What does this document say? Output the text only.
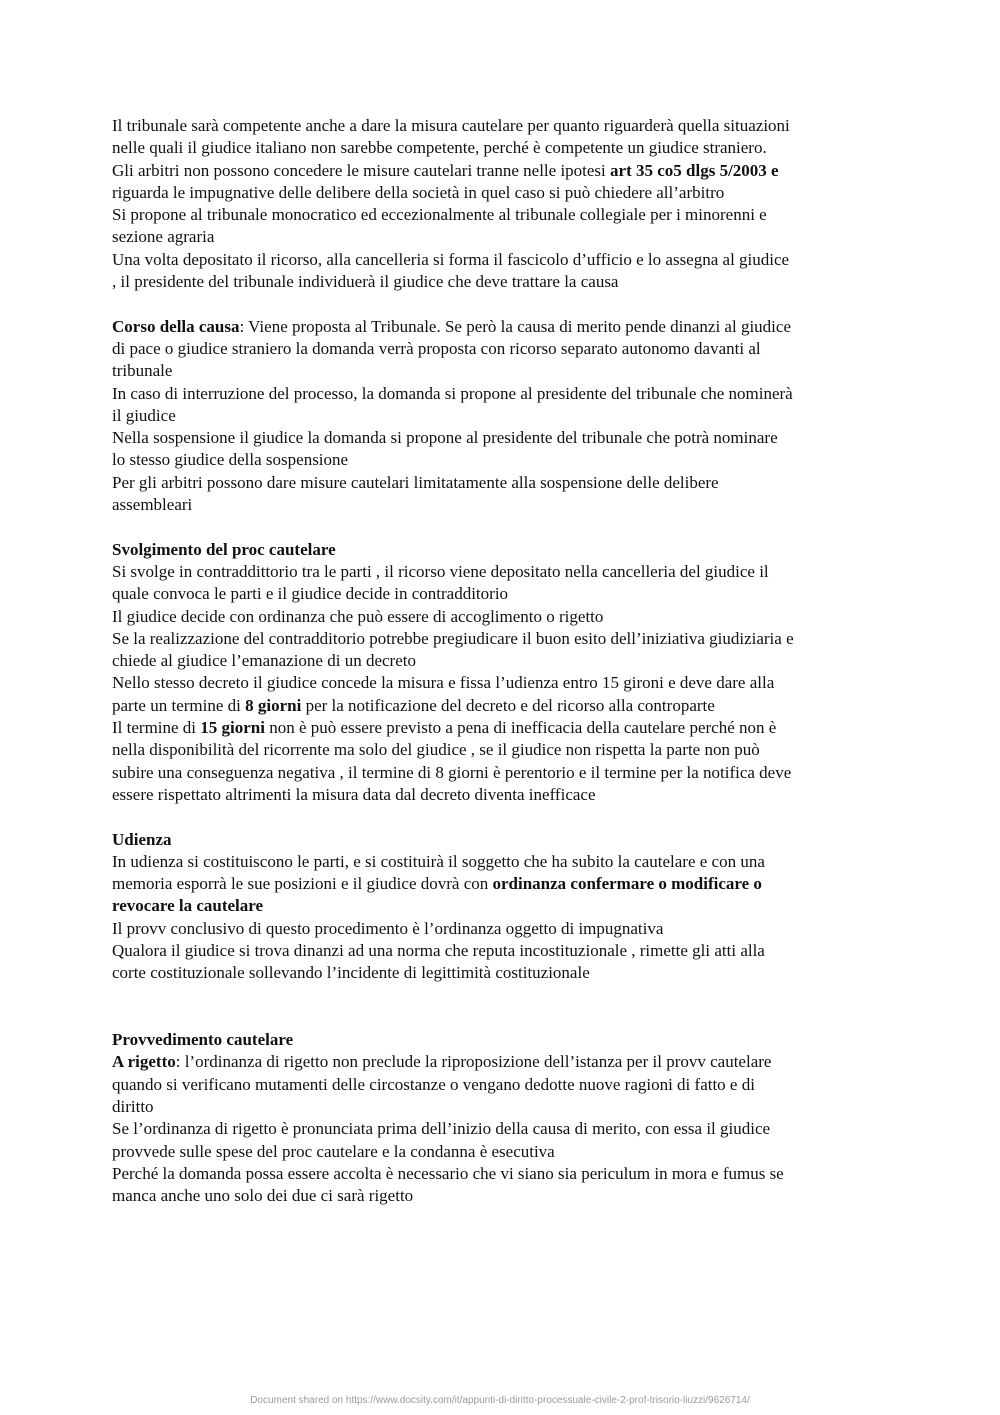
Il tribunale sarà competente anche a dare la misura cautelare per quanto riguarderà quella situazioni

nelle quali il giudice italiano non sarebbe competente, perché è competente un giudice straniero.

Gli arbitri non possono concedere le misure cautelari tranne nelle ipotesi art 35 co5 dlgs 5/2003 e

riguarda le impugnative delle delibere della società in quel caso si può chiedere all’arbitro

Si propone al tribunale monocratico ed eccezionalmente al tribunale collegiale per i minorenni e

sezione agraria

Una volta depositato il ricorso, alla cancelleria si forma il fascicolo d’ufficio e lo assegna al giudice

, il presidente del tribunale individuerà il giudice che deve trattare la causa

Corso della causa: Viene proposta al Tribunale. Se però la causa di merito pende dinanzi al giudice

di pace o giudice straniero la domanda verrà proposta con ricorso separato autonomo davanti al

tribunale

In caso di interruzione del processo, la domanda si propone al presidente del tribunale che nominerà

il giudice

Nella sospensione il giudice la domanda si propone al presidente del tribunale che potrà nominare

lo stesso giudice della sospensione

Per gli arbitri possono dare misure cautelari limitatamente alla sospensione delle delibere

assembleari

Svolgimento del proc cautelare

Si svolge in contraddittorio tra le parti , il ricorso viene depositato nella cancelleria del giudice il

quale convoca le parti e il giudice decide in contradditorio

Il giudice decide con ordinanza che può essere di accoglimento o rigetto

Se la realizzazione del contradditorio potrebbe pregiudicare il buon esito dell’iniziativa giudiziaria e

chiede al giudice l’emanazione di un decreto

Nello stesso decreto il giudice concede la misura e fissa l’udienza entro 15 gironi e deve dare alla

parte un termine di 8 giorni per la notificazione del decreto e del ricorso alla controparte

Il termine di 15 giorni non è può essere previsto a pena di inefficacia della cautelare perché non è

nella disponibilità del ricorrente ma solo del giudice , se il giudice non rispetta la parte non può

subire una conseguenza negativa , il termine di 8 giorni è perentorio e il termine per la notifica deve

essere rispettato altrimenti la misura data dal decreto diventa inefficace

Udienza

In udienza si costituiscono le parti, e si costituirà il soggetto che ha subito la cautelare e con una

memoria esporrà le sue posizioni e il giudice dovrà con ordinanza confermare o modificare o

revocare la cautelare

Il provv conclusivo di questo procedimento è l’ordinanza oggetto di impugnativa

Qualora il giudice si trova dinanzi ad una norma che reputa incostituzionale , rimette gli atti alla

corte costituzionale sollevando l’incidente di legittimità costituzionale

Provvedimento cautelare

A rigetto: l’ordinanza di rigetto non preclude la riproposizione dell’istanza per il provv cautelare

quando si verificano mutamenti delle circostanze o vengano dedotte nuove ragioni di fatto e di

diritto

Se l’ordinanza di rigetto è pronunciata prima dell’inizio della causa di merito, con essa il giudice

provvede sulle spese del proc cautelare e la condanna è esecutiva

Perché la domanda possa essere accolta è necessario che vi siano sia periculum in mora e fumus se

manca anche uno solo dei due ci sarà rigetto

Document shared on https://www.docsity.com/it/appunti-di-diritto-processuale-civile-2-prof-trisorio-liuzzi/9626714/
